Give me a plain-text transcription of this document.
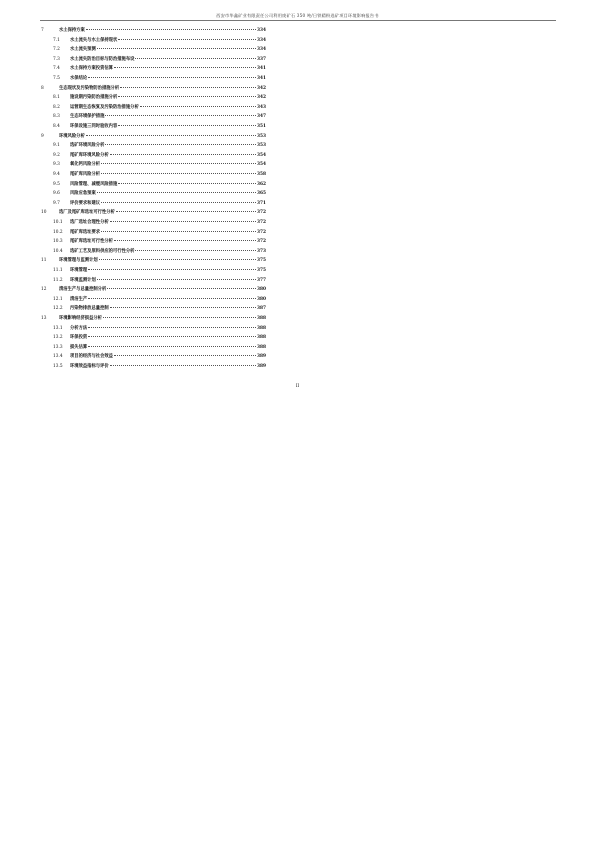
西安市华鑫矿业有限责任公司利用废矿石 350 吨/日铁精粉选矿项目环境影响报告书
7	水土保持方案	334
7.1	水土流失与水土保持现状	334
7.2	水土流失预测	334
7.3	水土流失防治目标与防治措施布设	337
7.4	水土保持方案投资估算	341
7.5	水保结论	341
8	生态现状及污染物防治措施分析	342
8.1	施设期污染防治措施分析	342
8.2	运营期生态恢复及污染防治措施分析	343
8.3	生态环境保护措施	347
8.4	环保设施三同时验收内容	351
9	环境风险分析	353
9.1	选矿环境风险分析	353
9.2	尾矿库环境风险分析	354
9.3	氧化钙风险分析	354
9.4	尾矿库风险分析	358
9.5	风险管理、减缓风险措施	362
9.6	风险应急预案	365
9.7	评价要求和建议	371
10	选厂及尾矿库选址可行性分析	372
10.1	选厂选址合理性分析	372
10.2	尾矿库选址要求	372
10.3	尾矿库选址可行性分析	372
10.4	选矿工艺及原料供应的可行性分析	373
11	环境管理与监测计划	375
11.1	环境管理	375
11.2	环境监测计划	377
12	清洁生产与总量控制分析	380
12.1	清洁生产	380
12.2	污染物排放总量控制	387
13	环境影响经济损益分析	388
13.1	分析方法	388
13.2	环保投资	388
13.3	损失估算	388
13.4	项目的经济与社会效益	389
13.5	环境效益指标与评价	389
II
